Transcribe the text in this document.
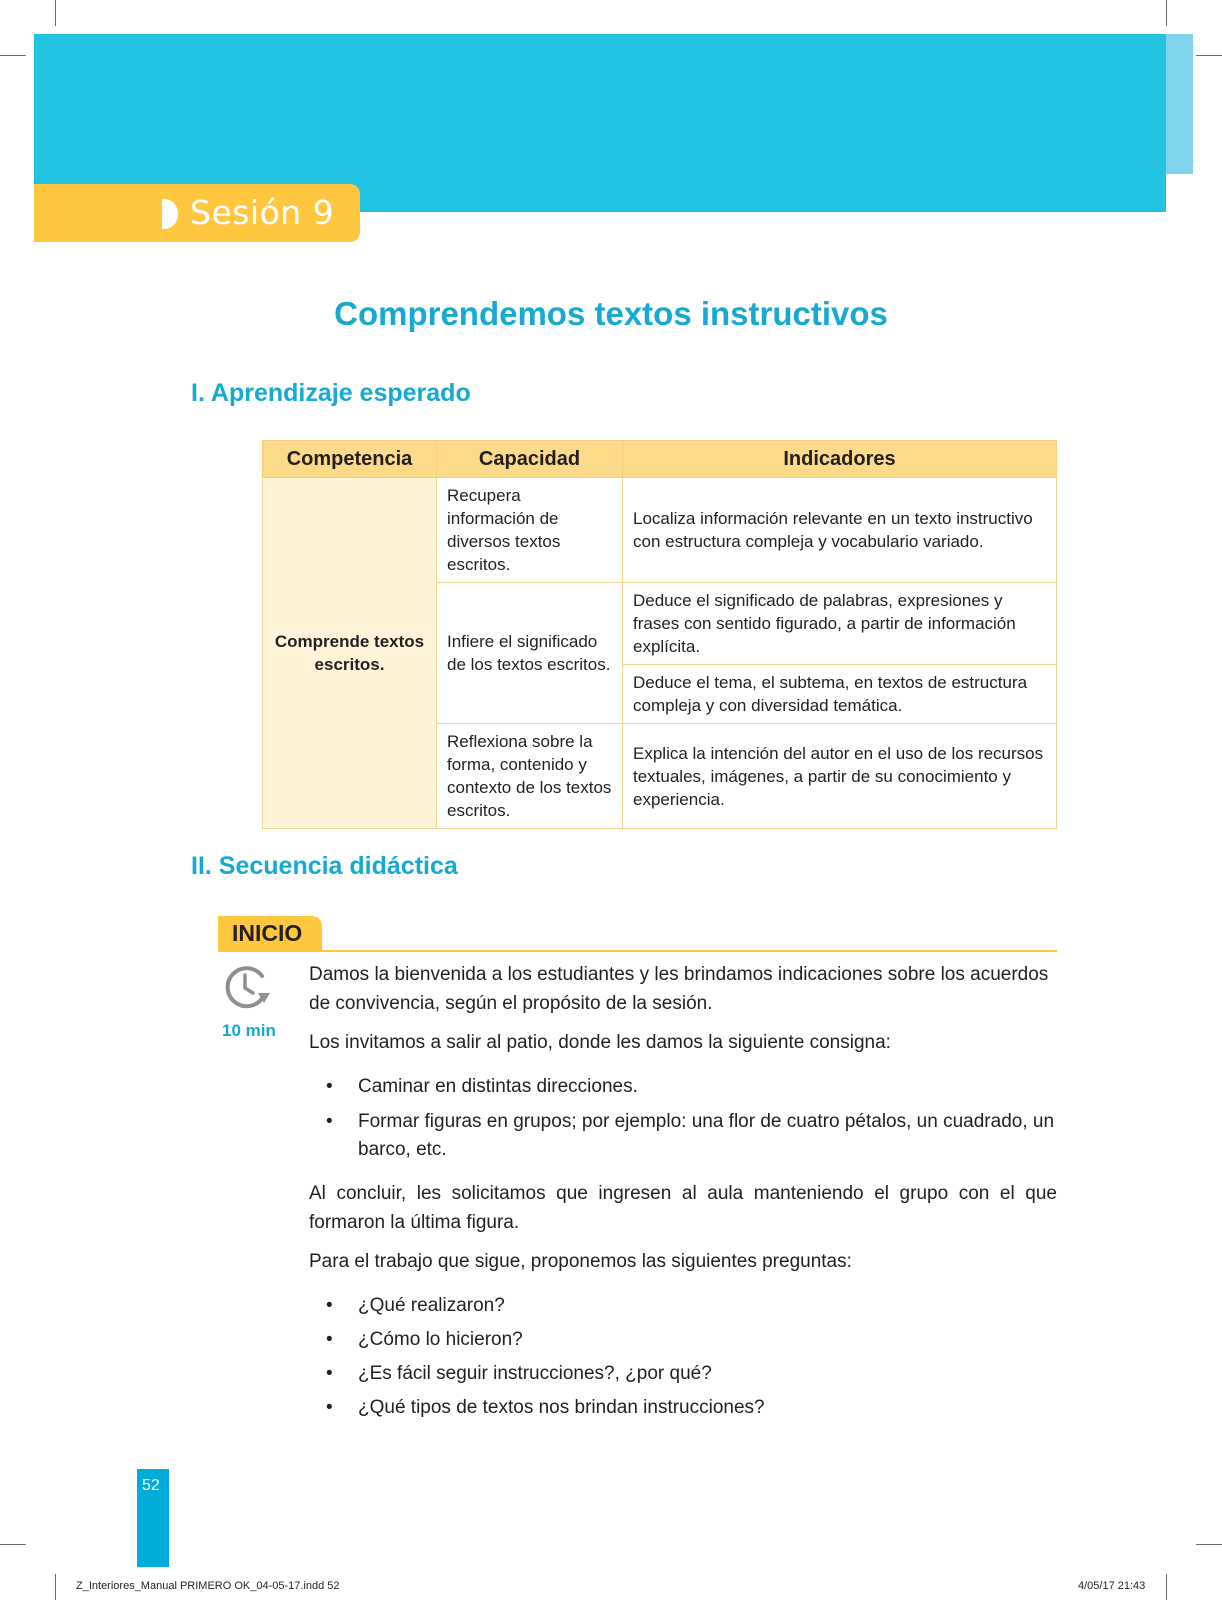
Sesión 9
Comprendemos textos instructivos
I. Aprendizaje esperado
Competencia	Capacidad	Indicadores
Comprende textos escritos.	Recupera información de diversos textos escritos.	Localiza información relevante en un texto instructivo con estructura compleja y vocabulario variado.
	Infiere el significado de los textos escritos.	Deduce el significado de palabras, expresiones y frases con sentido figurado, a partir de información explícita.
		Deduce el tema, el subtema, en textos de estructura compleja y con diversidad temática.
	Reflexiona sobre la forma, contenido y contexto de los textos escritos.	Explica la intención del autor en el uso de los recursos textuales, imágenes, a partir de su conocimiento y experiencia.
II. Secuencia didáctica
INICIO
10 min

Damos la bienvenida a los estudiantes y les brindamos indicaciones sobre los acuerdos de convivencia, según el propósito de la sesión.

Los invitamos a salir al patio, donde les damos la siguiente consigna:

• Caminar en distintas direcciones.
• Formar figuras en grupos; por ejemplo: una flor de cuatro pétalos, un cuadrado, un barco, etc.

Al concluir, les solicitamos que ingresen al aula manteniendo el grupo con el que formaron la última figura.

Para el trabajo que sigue, proponemos las siguientes preguntas:

• ¿Qué realizaron?
• ¿Cómo lo hicieron?
• ¿Es fácil seguir instrucciones?, ¿por qué?
• ¿Qué tipos de textos nos brindan instrucciones?
52
Z_Interiores_Manual PRIMERO OK_04-05-17.indd 52	4/05/17 21:43
